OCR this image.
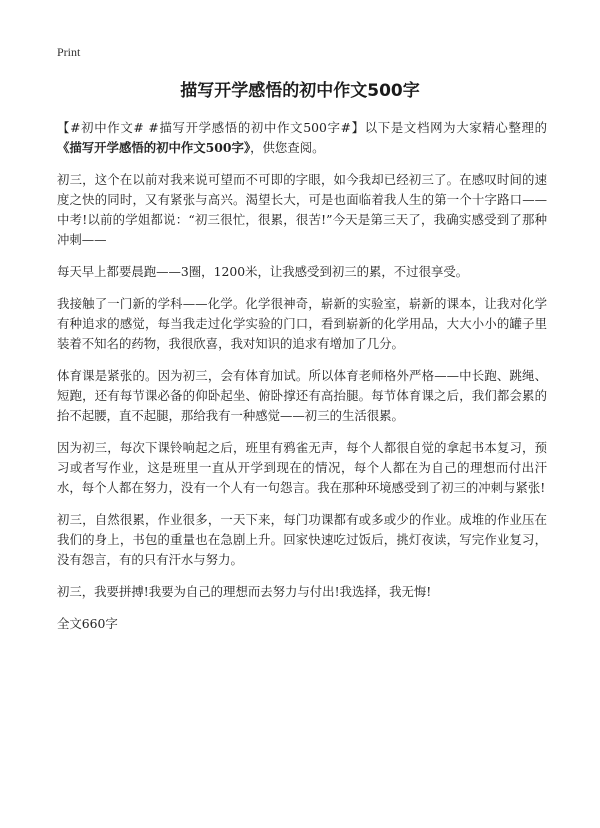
Print
描写开学感悟的初中作文500字

【#初中作文# #描写开学感悟的初中作文500字#】以下是文档网为大家精心整理的《描写开学感悟的初中作文500字》，供您查阅。

初三，这个在以前对我来说可望而不可即的字眼，如今我却已经初三了。在感叹时间的速度之快的同时，又有紧张与高兴。渴望长大，可是也面临着我人生的第一个十字路口——中考!以前的学姐都说：“初三很忙，很累，很苦!”今天是第三天了，我确实感受到了那种冲刺——

每天早上都要晨跑——3圈，1200米，让我感受到初三的累，不过很享受。

我接触了一门新的学科——化学。化学很神奇，崭新的实验室，崭新的课本，让我对化学有种追求的感觉，每当我走过化学实验的门口，看到崭新的化学用品，大大小小的罐子里装着不知名的药物，我很欣喜，我对知识的追求有增加了几分。

体育课是紧张的。因为初三，会有体育加试。所以体育老师格外严格——中长跑、跳绳、短跑，还有每节课必备的仰卧起坐、俯卧撑还有高抬腿。每节体育课之后，我们都会累的抬不起腰，直不起腿，那给我有一种感觉——初三的生活很累。

因为初三，每次下课铃响起之后，班里有鸦雀无声，每个人都很自觉的拿起书本复习，预习或者写作业，这是班里一直从开学到现在的情况，每个人都在为自己的理想而付出汗水，每个人都在努力，没有一个人有一句怨言。我在那种环境感受到了初三的冲刺与紧张!

初三，自然很累，作业很多，一天下来，每门功课都有或多或少的作业。成堆的作业压在我们的身上，书包的重量也在急剧上升。回家快速吃过饭后，挑灯夜读，写完作业复习，没有怨言，有的只有汗水与努力。

初三，我要拼搏!我要为自己的理想而去努力与付出!我选择，我无悔!

全文660字
